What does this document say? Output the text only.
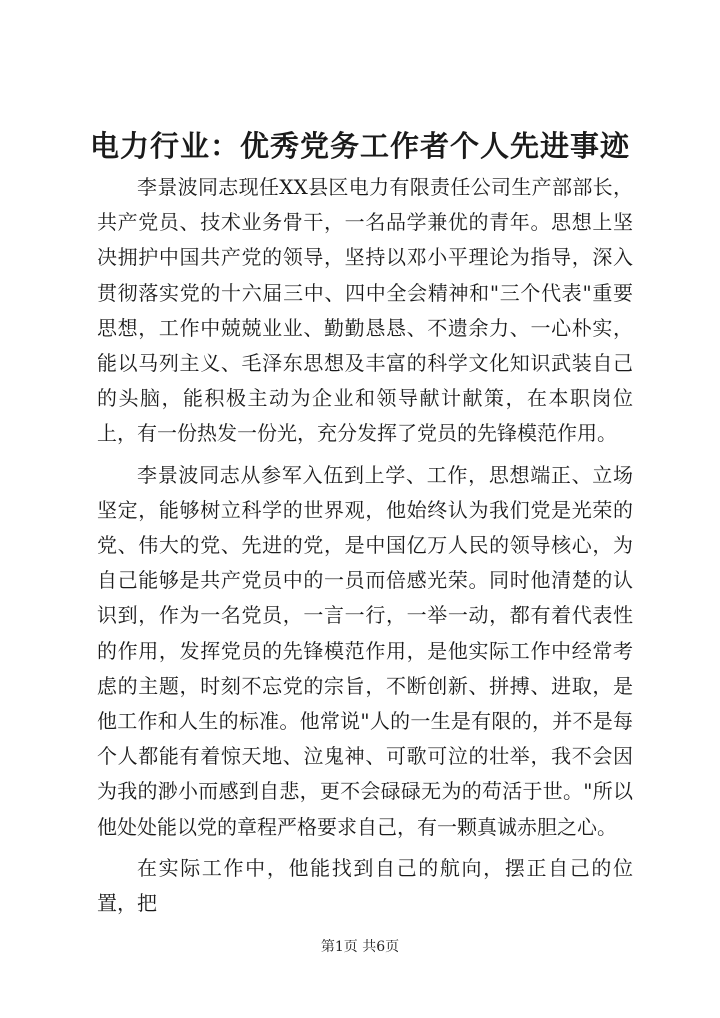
电力行业：优秀党务工作者个人先进事迹

李景波同志现任XX县区电力有限责任公司生产部部长，共产党员、技术业务骨干，一名品学兼优的青年。思想上坚决拥护中国共产党的领导，坚持以邓小平理论为指导，深入贯彻落实党的十六届三中、四中全会精神和"三个代表"重要思想，工作中兢兢业业、勤勤恳恳、不遗余力、一心朴实，能以马列主义、毛泽东思想及丰富的科学文化知识武装自己的头脑，能积极主动为企业和领导献计献策，在本职岗位上，有一份热发一份光，充分发挥了党员的先锋模范作用。

李景波同志从参军入伍到上学、工作，思想端正、立场坚定，能够树立科学的世界观，他始终认为我们党是光荣的党、伟大的党、先进的党，是中国亿万人民的领导核心，为自己能够是共产党员中的一员而倍感光荣。同时他清楚的认识到，作为一名党员，一言一行，一举一动，都有着代表性的作用，发挥党员的先锋模范作用，是他实际工作中经常考虑的主题，时刻不忘党的宗旨，不断创新、拼搏、进取，是他工作和人生的标准。他常说"人的一生是有限的，并不是每个人都能有着惊天地、泣鬼神、可歌可泣的壮举，我不会因为我的渺小而感到自悲，更不会碌碌无为的苟活于世。"所以他处处能以党的章程严格要求自己，有一颗真诚赤胆之心。

在实际工作中，他能找到自己的航向，摆正自己的位置，把

第1页 共6页
